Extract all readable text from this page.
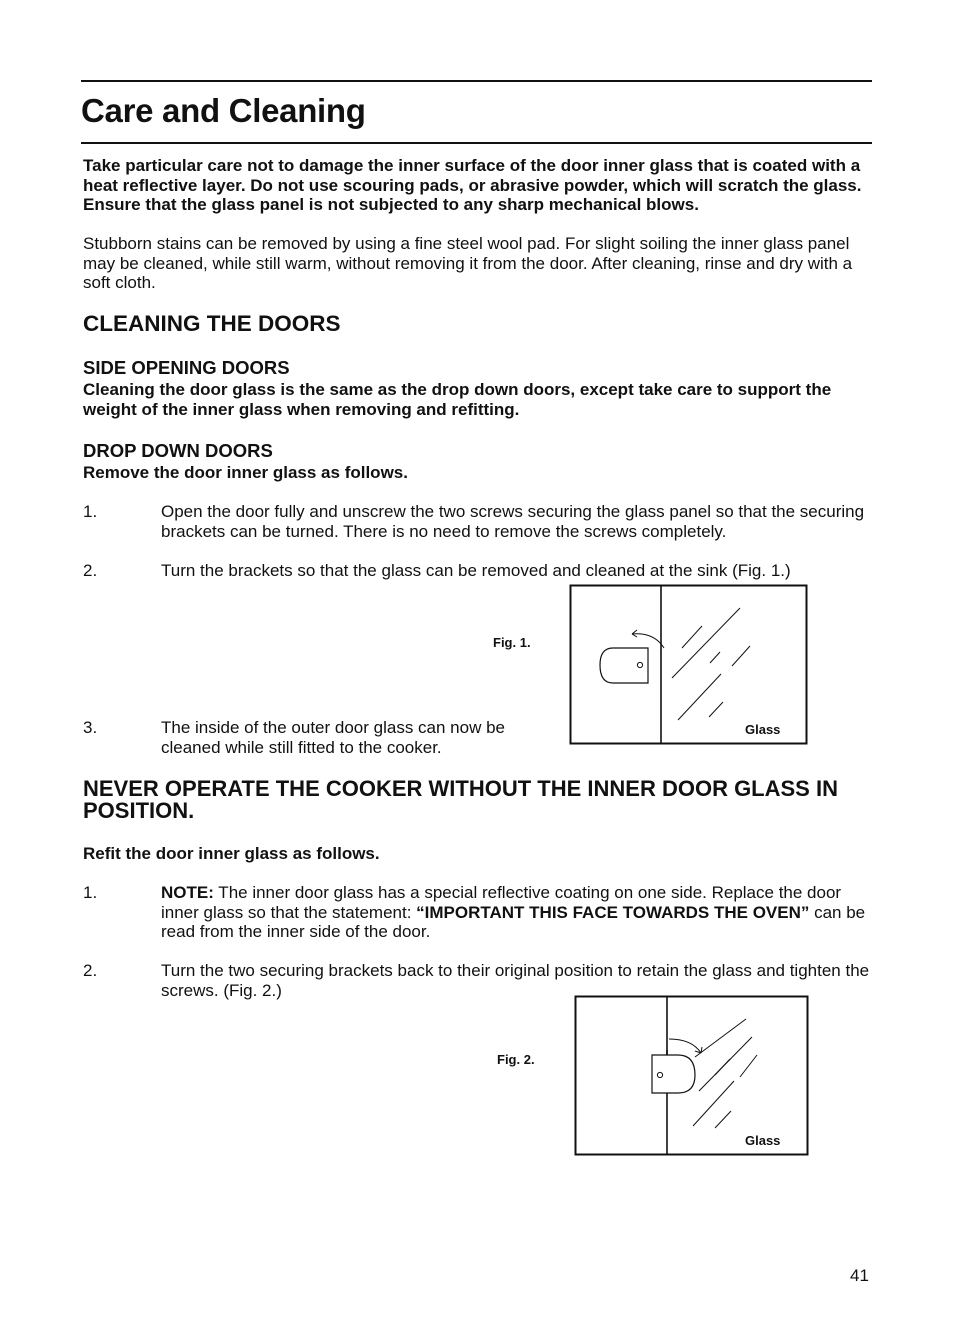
Care and Cleaning
Take particular care not to damage the inner surface of the door inner glass that is coated with a heat reflective layer. Do not use scouring pads, or abrasive powder, which will scratch the glass. Ensure that the glass panel is not subjected to any sharp mechanical blows.
Stubborn stains can be removed by using a fine steel wool pad. For slight soiling the inner glass panel may be cleaned, while still warm, without removing it from the door. After cleaning, rinse and dry with a soft cloth.
CLEANING THE DOORS
SIDE OPENING DOORS
Cleaning the door glass is the same as the drop down doors, except take care to support the weight of the inner glass when removing and refitting.
DROP DOWN DOORS
Remove the door inner glass as follows.
1.	Open the door fully and unscrew the two screws securing the glass panel so that the securing brackets can be turned. There is no need to remove the screws completely.
2.	Turn the brackets so that the glass can be removed and cleaned at the sink (Fig. 1.)
Fig. 1.
Glass
3.	The inside of the outer door glass can now be cleaned while still fitted to the cooker.
NEVER OPERATE THE COOKER WITHOUT THE INNER DOOR GLASS IN POSITION.
Refit the door inner glass as follows.
1.	NOTE: The inner door glass has a special reflective coating on one side. Replace the door inner glass so that the statement: “IMPORTANT THIS FACE TOWARDS THE OVEN” can be read from the inner side of the door.
2.	Turn the two securing brackets back to their original position to retain the glass and tighten the screws. (Fig. 2.)
Fig. 2.
Glass
41
